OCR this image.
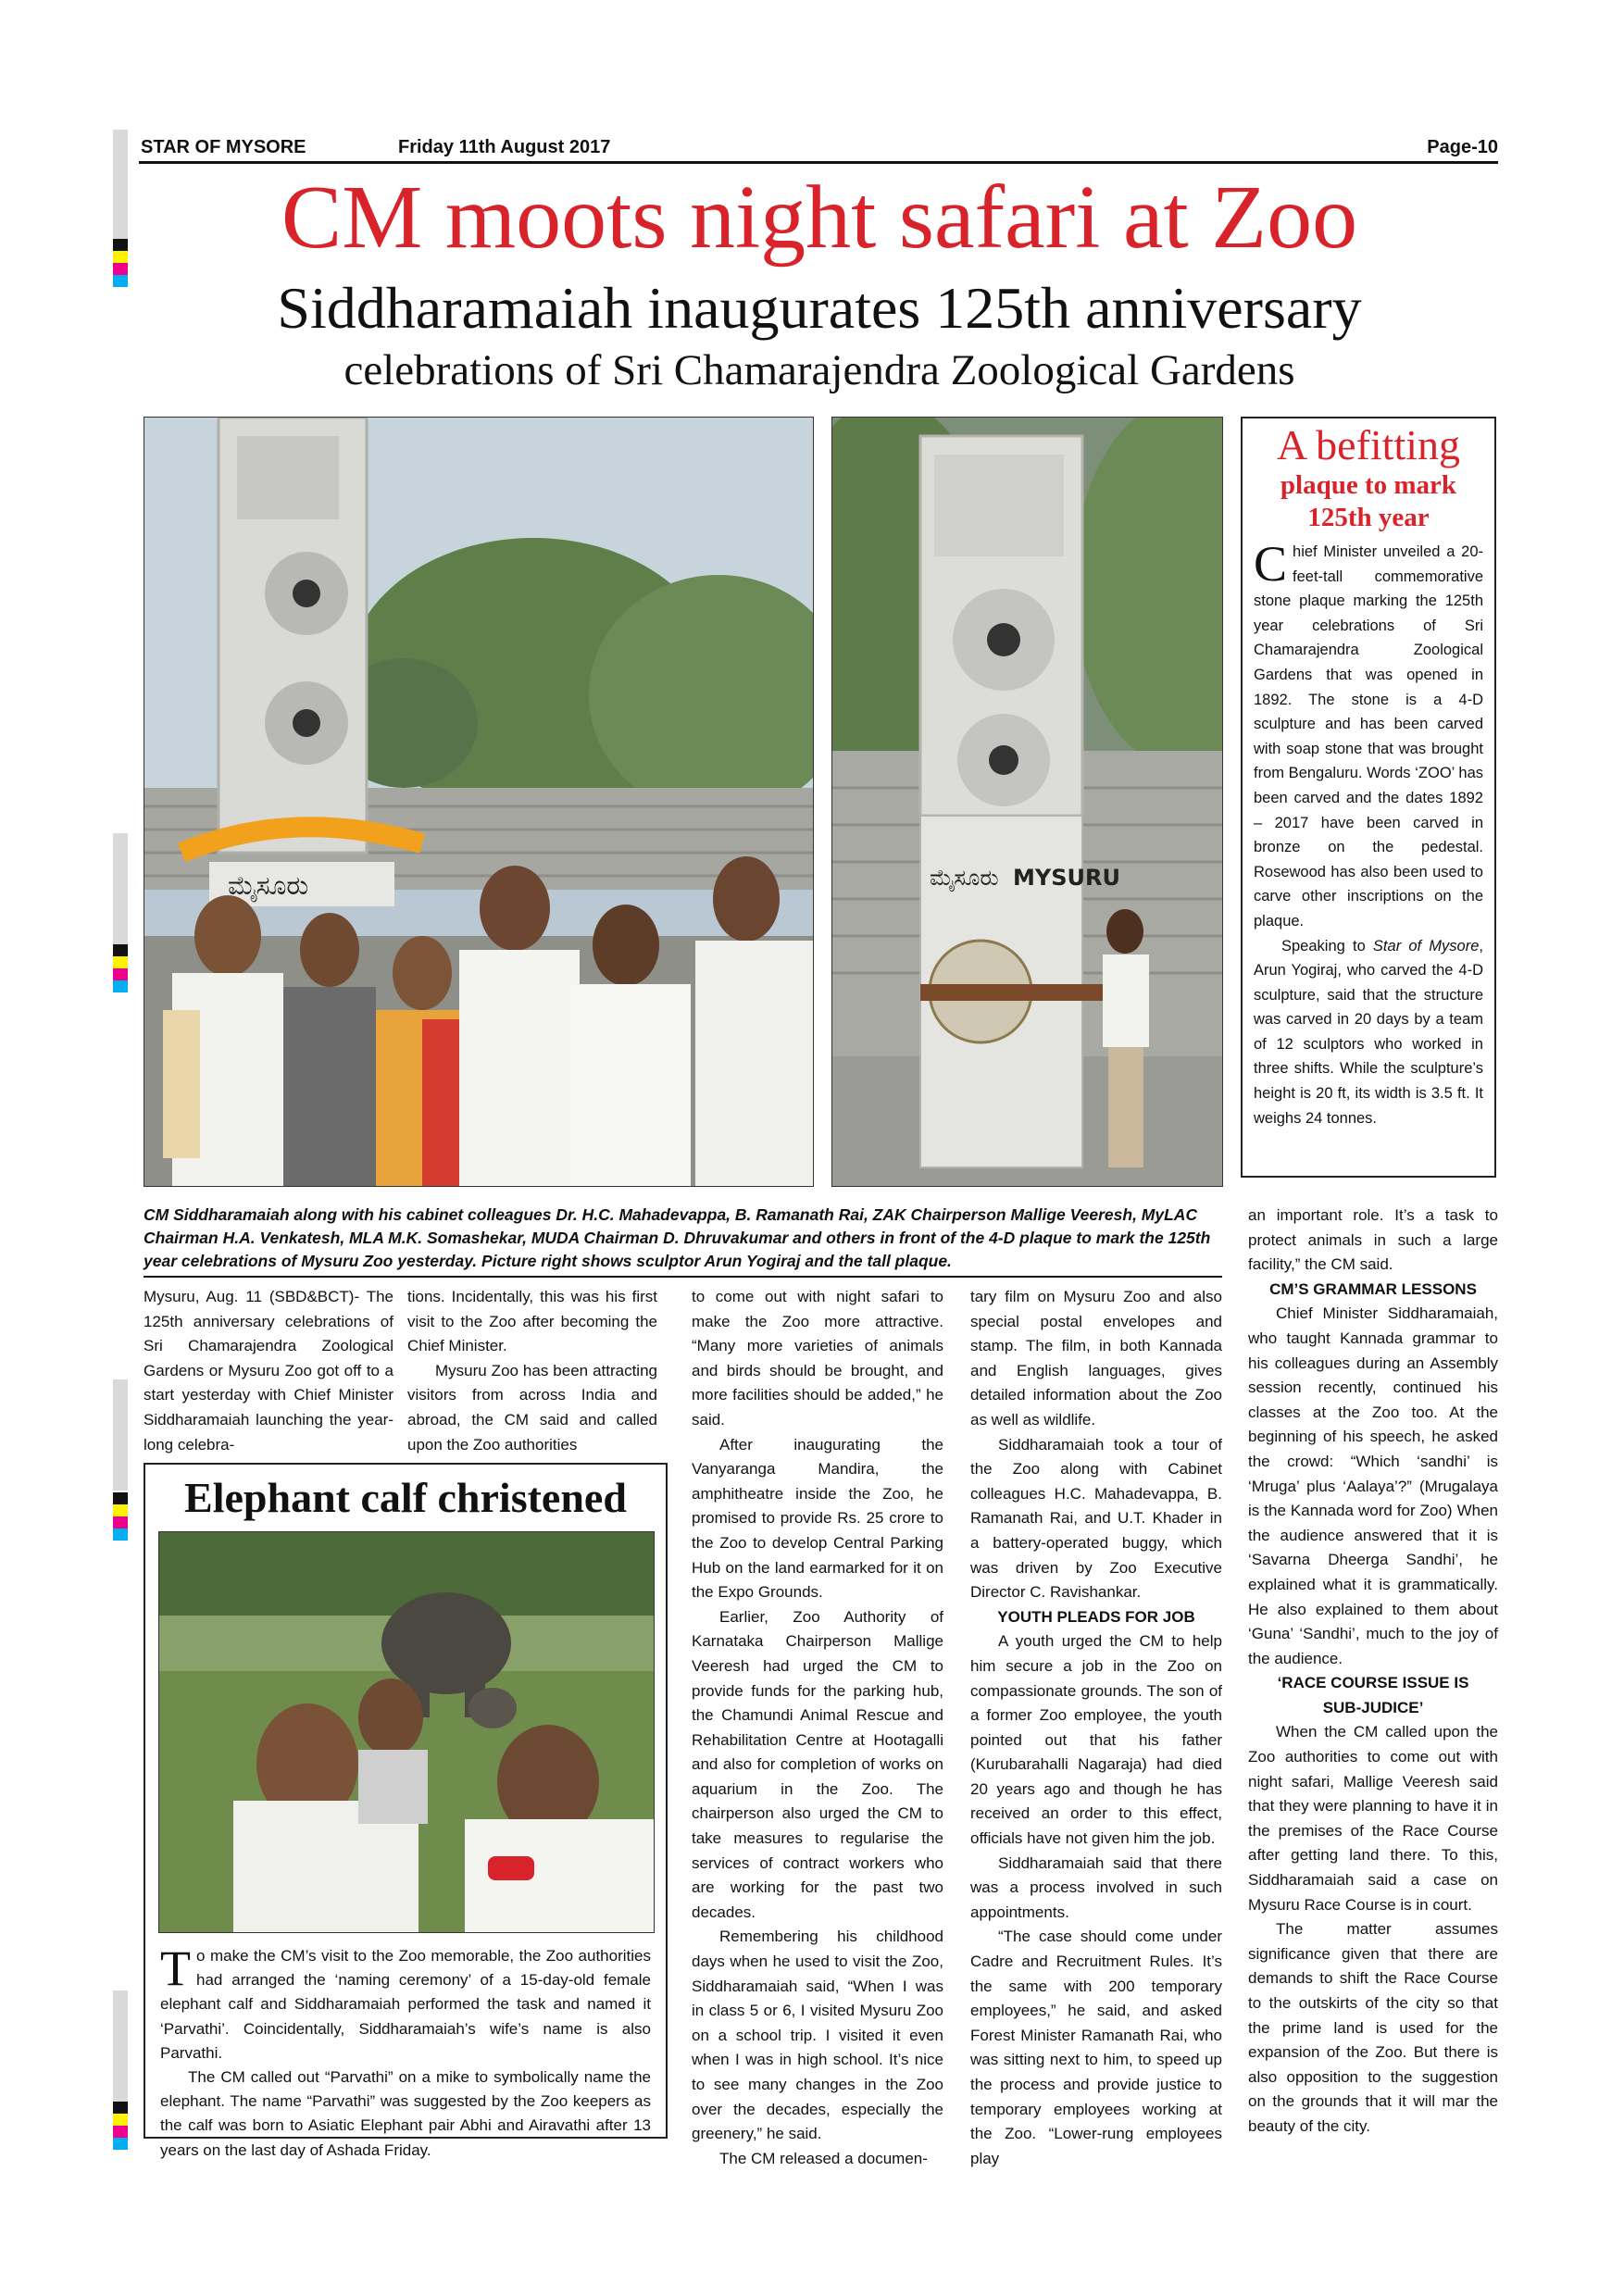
STAR OF MYSORE	Friday 11th August 2017	Page-10
CM moots night safari at Zoo
Siddharamaiah inaugurates 125th anniversary
celebrations of Sri Chamarajendra Zoological Gardens
ಮೈಸೂರು	ಮೈಸೂರು MYSURU
A befitting
plaque to mark
125th year

Chief Minister unveiled a 20-feet-tall commemorative stone plaque marking the 125th year celebrations of Sri Chamarajendra Zoological Gardens that was opened in 1892. The stone is a 4-D sculpture and has been carved with soap stone that was brought from Bengaluru. Words ‘ZOO’ has been carved and the dates 1892 – 2017 have been carved in bronze on the pedestal. Rosewood has also been used to carve other inscriptions on the plaque.

Speaking to Star of Mysore, Arun Yogiraj, who carved the 4-D sculpture, said that the structure was carved in 20 days by a team of 12 sculptors who worked in three shifts. While the sculpture’s height is 20 ft, its width is 3.5 ft. It weighs 24 tonnes.

CM Siddharamaiah along with his cabinet colleagues Dr. H.C. Mahadevappa, B. Ramanath Rai, ZAK Chairperson Mallige Veeresh, MyLAC Chairman H.A. Venkatesh, MLA M.K. Somashekar, MUDA Chairman D. Dhruvakumar and others in front of the 4-D plaque to mark the 125th year celebrations of Mysuru Zoo yesterday. Picture right shows sculptor Arun Yogiraj and the tall plaque.

Mysuru, Aug. 11 (SBD&BCT)- The 125th anniversary celebrations of Sri Chamarajendra Zoological Gardens or Mysuru Zoo got off to a start yesterday with Chief Minister Siddharamaiah launching the year-long celebra-

tions. Incidentally, this was his first visit to the Zoo after becoming the Chief Minister.

Mysuru Zoo has been attracting visitors from across India and abroad, the CM said and called upon the Zoo authorities

to come out with night safari to make the Zoo more attractive. “Many more varieties of animals and birds should be brought, and more facilities should be added,” he said.

After inaugurating the Vanyaranga Mandira, the amphitheatre inside the Zoo, he promised to provide Rs. 25 crore to the Zoo to develop Central Parking Hub on the land earmarked for it on the Expo Grounds.

Earlier, Zoo Authority of Karnataka Chairperson Mallige Veeresh had urged the CM to provide funds for the parking hub, the Chamundi Animal Rescue and Rehabilitation Centre at Hootagalli and also for completion of works on aquarium in the Zoo. The chairperson also urged the CM to take measures to regularise the services of contract workers who are working for the past two decades.

Remembering his childhood days when he used to visit the Zoo, Siddharamaiah said, “When I was in class 5 or 6, I visited Mysuru Zoo on a school trip. I visited it even when I was in high school. It’s nice to see many changes in the Zoo over the decades, especially the greenery,” he said.

The CM released a documen-

tary film on Mysuru Zoo and also special postal envelopes and stamp. The film, in both Kannada and English languages, gives detailed information about the Zoo as well as wildlife.

Siddharamaiah took a tour of the Zoo along with Cabinet colleagues H.C. Mahadevappa, B. Ramanath Rai, and U.T. Khader in a battery-operated buggy, which was driven by Zoo Executive Director C. Ravishankar.

YOUTH PLEADS FOR JOB

A youth urged the CM to help him secure a job in the Zoo on compassionate grounds. The son of a former Zoo employee, the youth pointed out that his father (Kurubarahalli Nagaraja) had died 20 years ago and though he has received an order to this effect, officials have not given him the job.

Siddharamaiah said that there was a process involved in such appointments.

“The case should come under Cadre and Recruitment Rules. It’s the same with 200 temporary employees,” he said, and asked Forest Minister Ramanath Rai, who was sitting next to him, to speed up the process and provide justice to temporary employees working at the Zoo. “Lower-rung employees play

an important role. It’s a task to protect animals in such a large facility,” the CM said.

CM’S GRAMMAR LESSONS

Chief Minister Siddharamaiah, who taught Kannada grammar to his colleagues during an Assembly session recently, continued his classes at the Zoo too. At the beginning of his speech, he asked the crowd: “Which ‘sandhi’ is ‘Mruga’ plus ‘Aalaya’?” (Mrugalaya is the Kannada word for Zoo) When the audience answered that it is ‘Savarna Dheerga Sandhi’, he explained what it is grammatically. He also explained to them about ‘Guna’ ‘Sandhi’, much to the joy of the audience.

‘RACE COURSE ISSUE IS

SUB-JUDICE’

When the CM called upon the Zoo authorities to come out with night safari, Mallige Veeresh said that they were planning to have it in the premises of the Race Course after getting land there. To this, Siddharamaiah said a case on Mysuru Race Course is in court.

The matter assumes significance given that there are demands to shift the Race Course to the outskirts of the city so that the prime land is used for the expansion of the Zoo. But there is also opposition to the suggestion on the grounds that it will mar the beauty of the city.

Elephant calf christened

To make the CM’s visit to the Zoo memorable, the Zoo authorities had arranged the ‘naming ceremony’ of a 15-day-old female elephant calf and Siddharamaiah performed the task and named it ‘Parvathi’. Coincidentally, Siddharamaiah’s wife’s name is also Parvathi.

The CM called out “Parvathi” on a mike to symbolically name the elephant. The name “Parvathi” was suggested by the Zoo keepers as the calf was born to Asiatic Elephant pair Abhi and Airavathi after 13 years on the last day of Ashada Friday.
